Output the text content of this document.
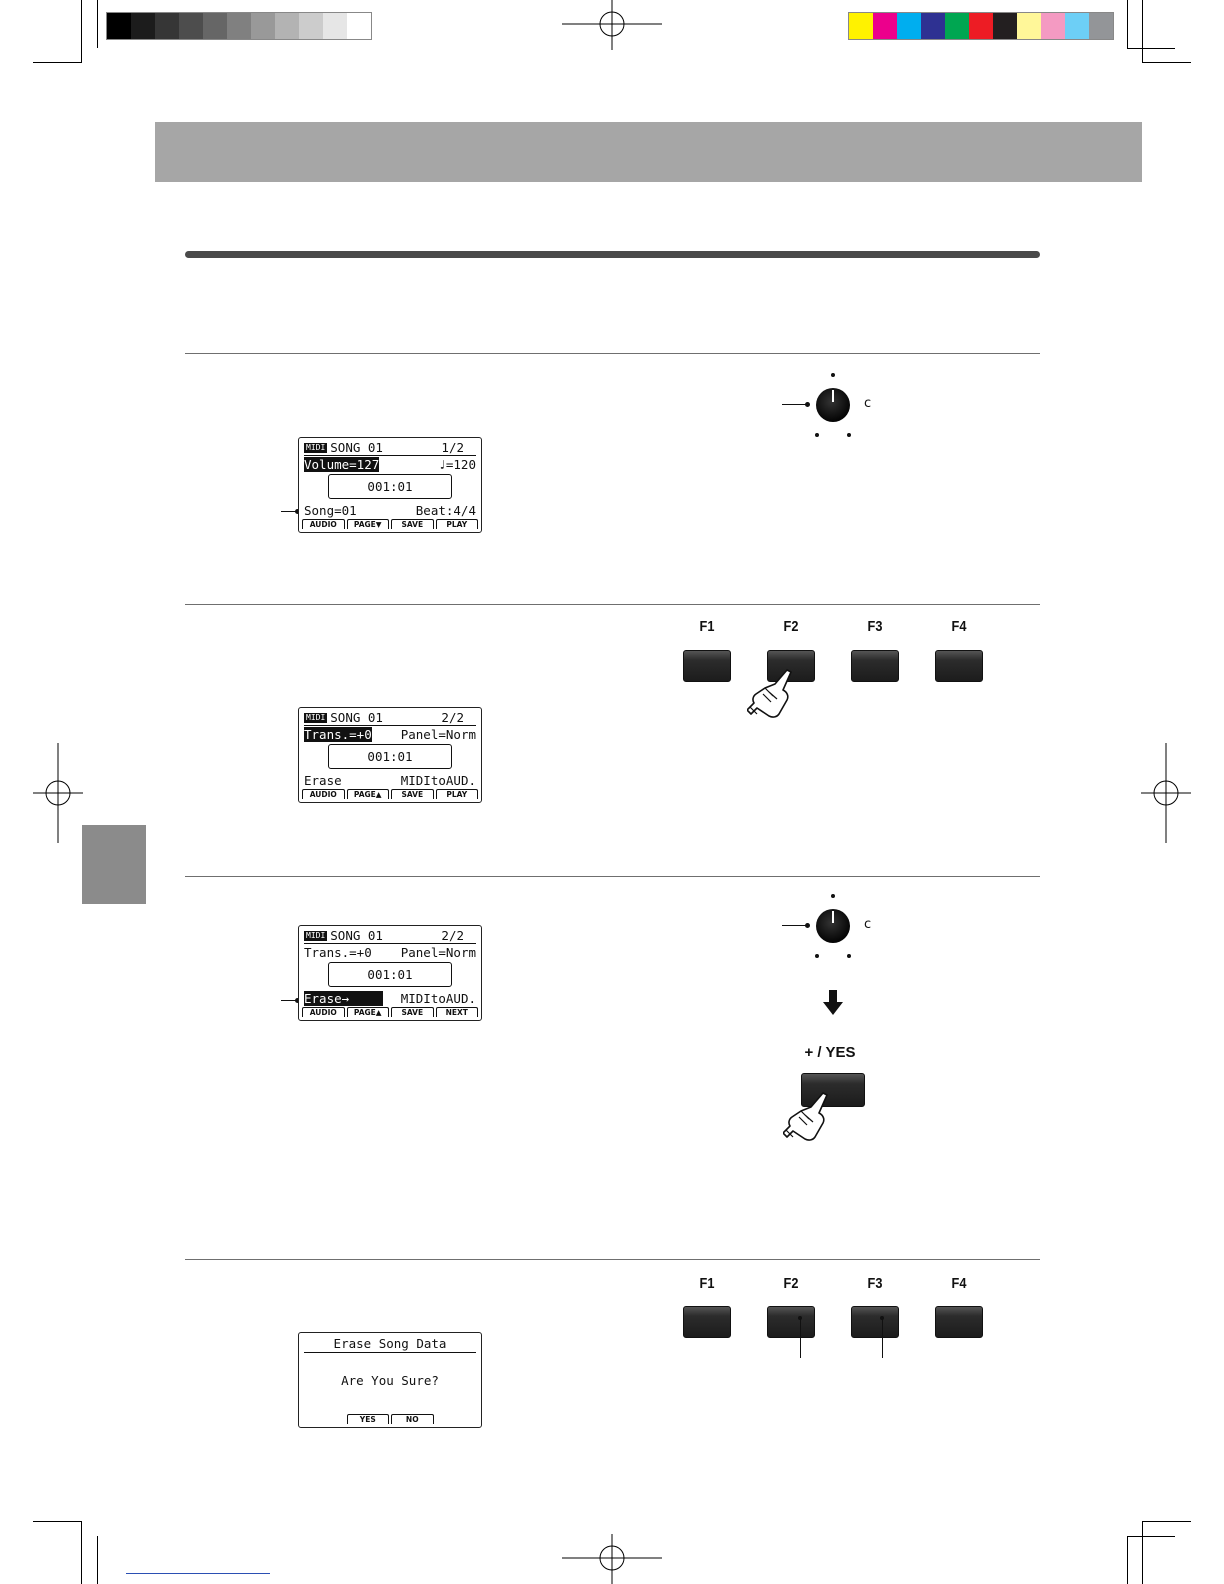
MIDI SONG 01	1/2
Volume=127	♩=120
001:01
Song=01	Beat:4/4
AUDIO	PAGE▼	SAVE	PLAY
c
MIDI SONG 01	2/2
Trans.=+0 Panel=Norm
001:01
Erase	MIDItoAUD.
AUDIO	PAGE▲	SAVE	PLAY
F1	F2	F3	F4
MIDI SONG 01	2/2
Trans.=+0 Panel=Norm
001:01
Erase→	MIDItoAUD.
AUDIO	PAGE▲	SAVE	NEXT
c
+ / YES
Erase Song Data
Are You Sure?
YES	NO
F1	F2	F3	F4
